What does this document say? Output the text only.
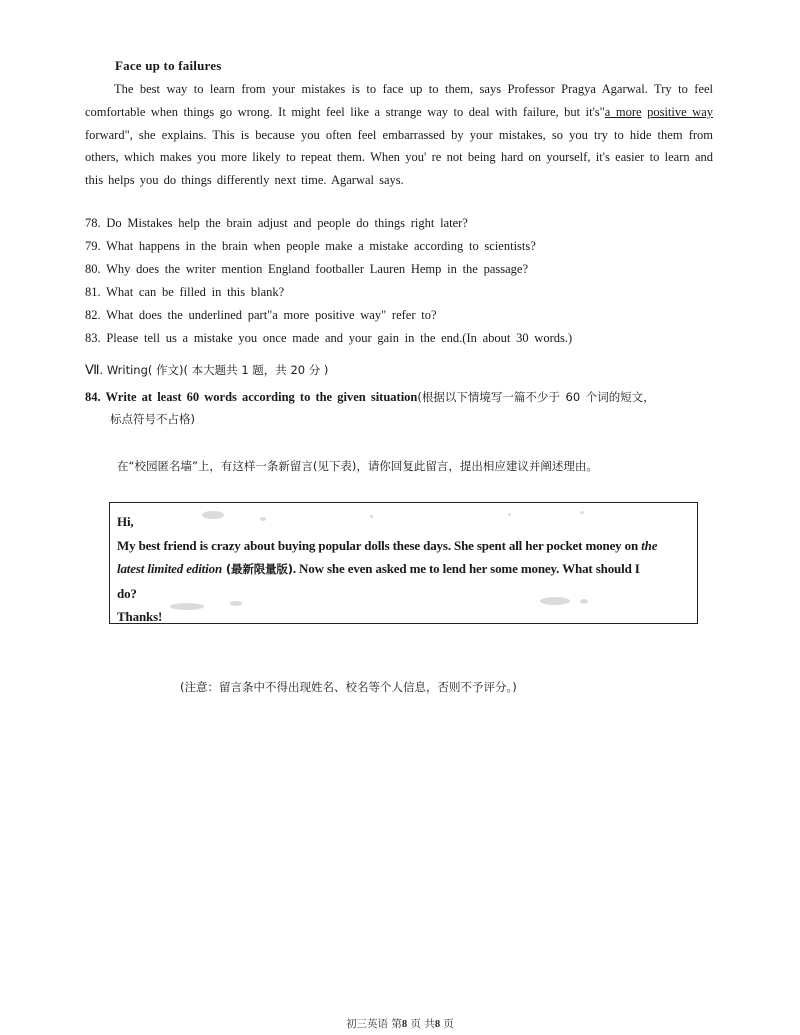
Face up to failures
The best way to learn from your mistakes is to face up to them, says Professor Pragya Agarwal. Try to feel comfortable when things go wrong. It might feel like a strange way to deal with failure, but it's"a more positive way forward", she explains. This is because you often feel embarrassed by your mistakes, so you try to hide them from others, which makes you more likely to repeat them. When you' re not being hard on yourself, it's easier to learn and this helps you do things differently next time. Agarwal says.
78. Do Mistakes help the brain adjust and people do things right later?
79. What happens in the brain when people make a mistake according to scientists?
80. Why does the writer mention England footballer Lauren Hemp in the passage?
81. What can be filled in this blank?
82. What does the underlined part"a more positive way" refer to?
83. Please tell us a mistake you once made and your gain in the end.(In about 30 words.)
Ⅶ. Writing( 作文)( 本大题共 1 题，共 20 分 )
84. Write at least 60 words according to the given situation(根据以下情境写一篇不少于 60 个词的短文，
标点符号不占格)
在“校园匿名墙”上，有这样一条新留言(见下表)，请你回复此留言，提出相应建议并阐述理由。
Hi,
My best friend is crazy about buying popular dolls these days. She spent all her pocket money on the
latest limited edition (最新限量版). Now she even asked me to lend her some money. What should I
do?
Thanks!
(注意：留言条中不得出现姓名、校名等个人信息，否则不予评分。)
初三英语 第8 页 共8 页
